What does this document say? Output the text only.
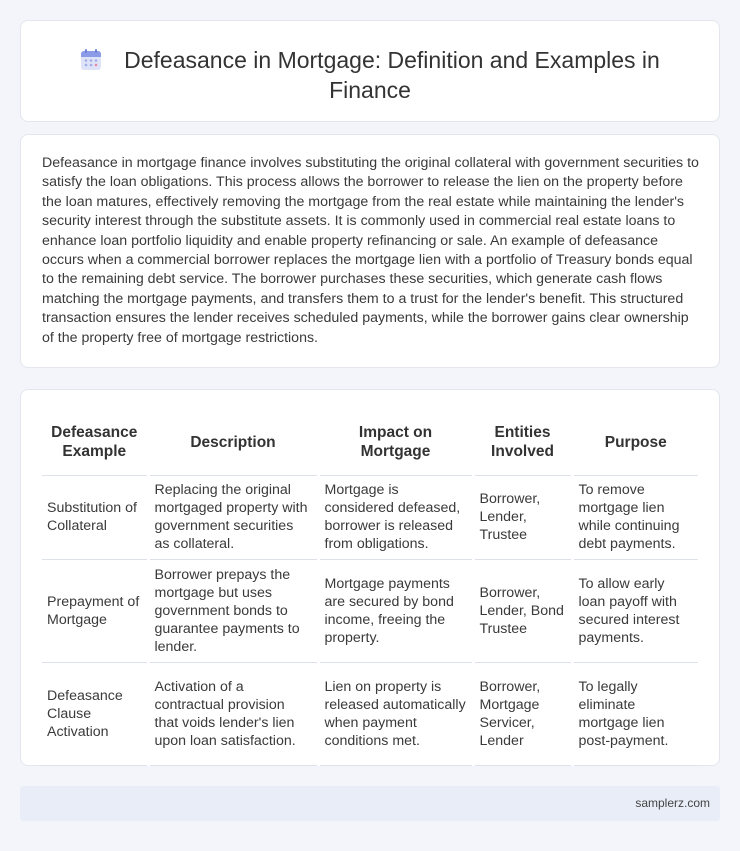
Defeasance in Mortgage: Definition and Examples in Finance

Defeasance in mortgage finance involves substituting the original collateral with government securities to satisfy the loan obligations. This process allows the borrower to release the lien on the property before the loan matures, effectively removing the mortgage from the real estate while maintaining the lender's security interest through the substitute assets. It is commonly used in commercial real estate loans to enhance loan portfolio liquidity and enable property refinancing or sale. An example of defeasance occurs when a commercial borrower replaces the mortgage lien with a portfolio of Treasury bonds equal to the remaining debt service. The borrower purchases these securities, which generate cash flows matching the mortgage payments, and transfers them to a trust for the lender's benefit. This structured transaction ensures the lender receives scheduled payments, while the borrower gains clear ownership of the property free of mortgage restrictions.

Defeasance Example	Description	Impact on Mortgage	Entities Involved	Purpose
Substitution of Collateral	Replacing the original mortgaged property with government securities as collateral.	Mortgage is considered defeased, borrower is released from obligations.	Borrower, Lender, Trustee	To remove mortgage lien while continuing debt payments.
Prepayment of Mortgage	Borrower prepays the mortgage but uses government bonds to guarantee payments to lender.	Mortgage payments are secured by bond income, freeing the property.	Borrower, Lender, Bond Trustee	To allow early loan payoff with secured interest payments.
Defeasance Clause Activation	Activation of a contractual provision that voids lender's lien upon loan satisfaction.	Lien on property is released automatically when payment conditions met.	Borrower, Mortgage Servicer, Lender	To legally eliminate mortgage lien post-payment.
samplerz.com
